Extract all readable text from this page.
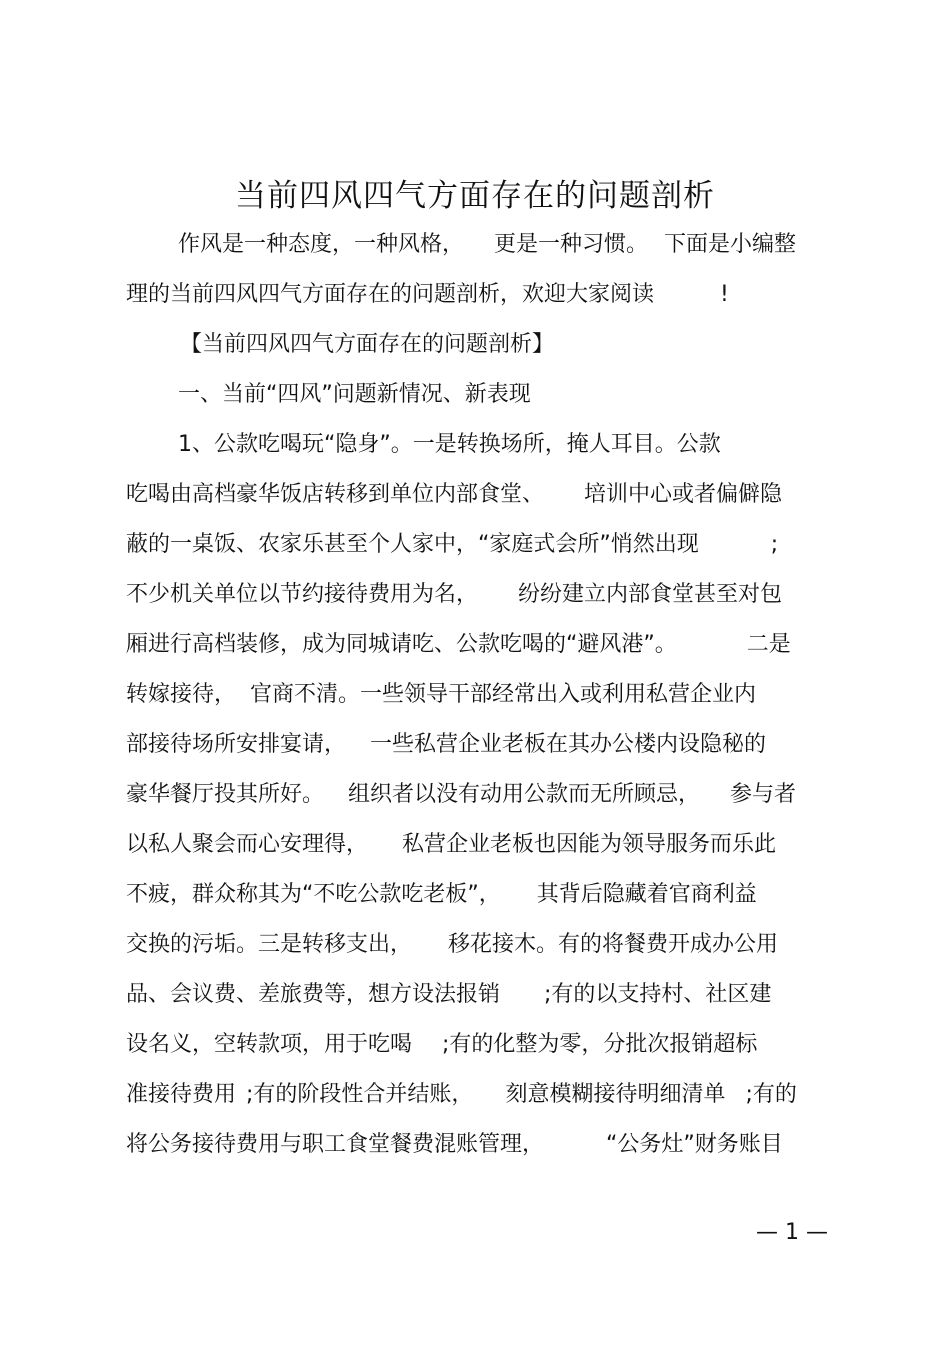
当前四风四气方面存在的问题剖析
作风是一种态度，一种风格， 更是一种习惯。 下面是小编整
理的当前四风四气方面存在的问题剖析，欢迎大家阅读	!
【当前四风四气方面存在的问题剖析】
一、当前“四风”问题新情况、新表现
1、公款吃喝玩“隐身”。一是转换场所，掩人耳目。公款
吃喝由高档豪华饭店转移到单位内部食堂、 培训中心或者偏僻隐
蔽的一桌饭、农家乐甚至个人家中，“家庭式会所”悄然出现	;
不少机关单位以节约接待费用为名， 纷纷建立内部食堂甚至对包
厢进行高档装修，成为同城请吃、公款吃喝的“避风港”。	二是
转嫁接待， 官商不清。一些领导干部经常出入或利用私营企业内
部接待场所安排宴请， 一些私营企业老板在其办公楼内设隐秘的
豪华餐厅投其所好。 组织者以没有动用公款而无所顾忌， 参与者
以私人聚会而心安理得， 私营企业老板也因能为领导服务而乐此
不疲，群众称其为“不吃公款吃老板”， 其背后隐藏着官商利益
交换的污垢。三是转移支出， 移花接木。有的将餐费开成办公用
品、会议费、差旅费等，想方设法报销 ;有的以支持村、社区建
设名义，空转款项，用于吃喝 ;有的化整为零，分批次报销超标
准接待费用 ;有的阶段性合并结账， 刻意模糊接待明细清单 ;有的
将公务接待费用与职工食堂餐费混账管理，	“公务灶”财务账目
— 1 —
